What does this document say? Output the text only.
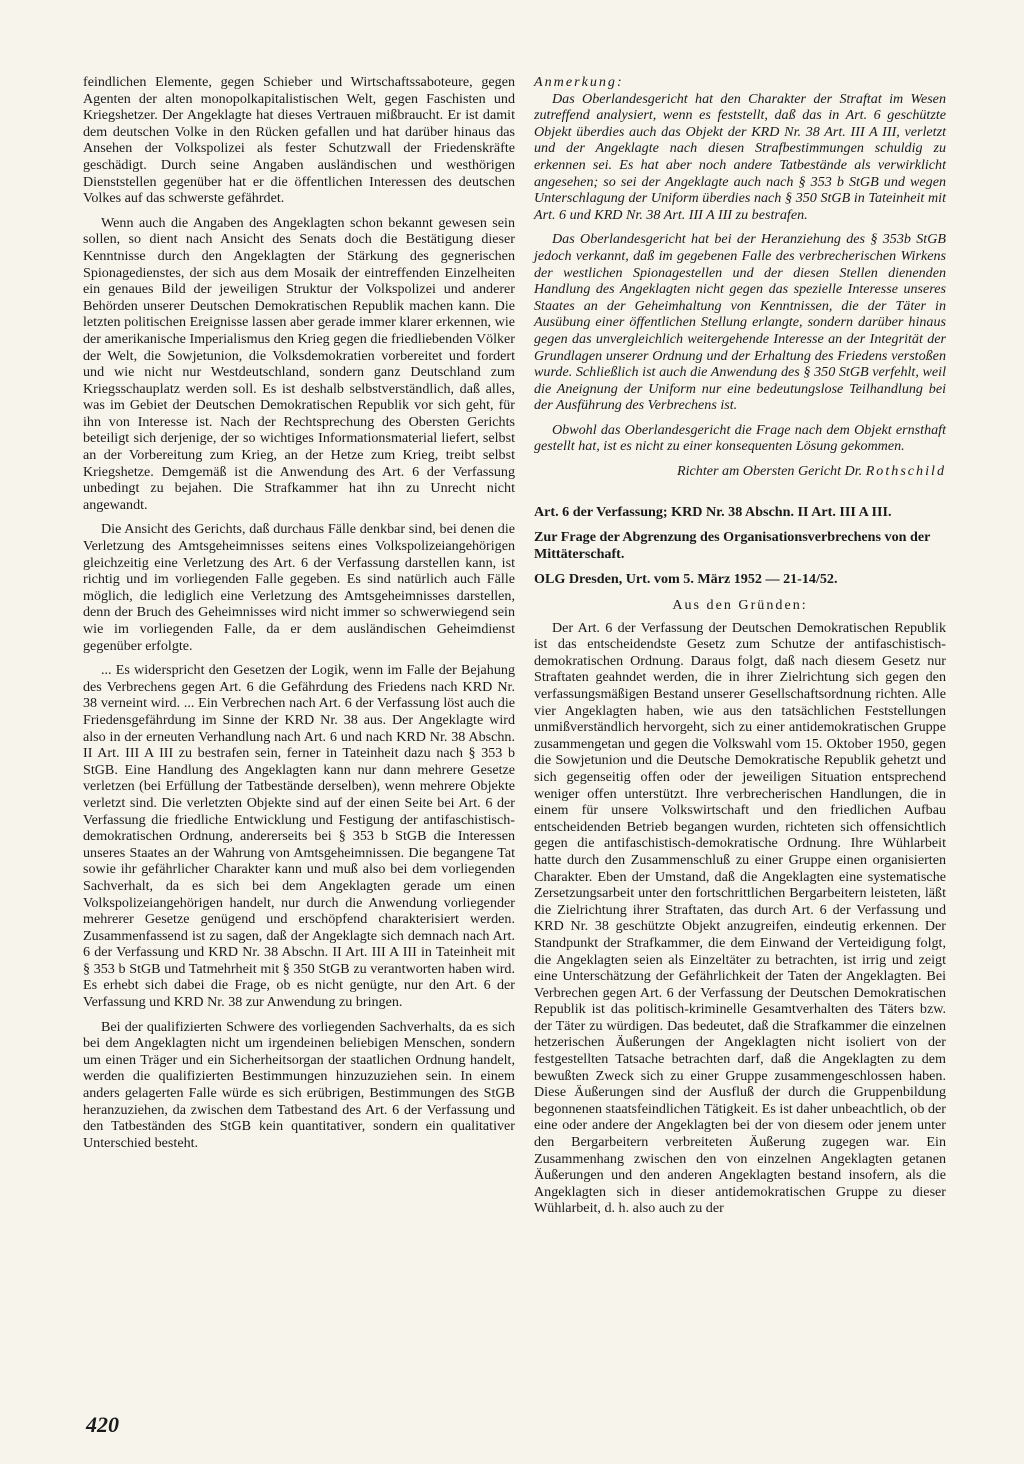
feindlichen Elemente, gegen Schieber und Wirtschaftssaboteure, gegen Agenten der alten monopolkapitalistischen Welt, gegen Faschisten und Kriegshetzer. Der Angeklagte hat dieses Vertrauen mißbraucht. Er ist damit dem deutschen Volke in den Rücken gefallen und hat darüber hinaus das Ansehen der Volkspolizei als fester Schutzwall der Friedenskräfte geschädigt. Durch seine Angaben ausländischen und westhörigen Dienststellen gegenüber hat er die öffentlichen Interessen des deutschen Volkes auf das schwerste gefährdet.

Wenn auch die Angaben des Angeklagten schon bekannt gewesen sein sollen, so dient nach Ansicht des Senats doch die Bestätigung dieser Kenntnisse durch den Angeklagten der Stärkung des gegnerischen Spionagedienstes, der sich aus dem Mosaik der eintreffenden Einzelheiten ein genaues Bild der jeweiligen Struktur der Volkspolizei und anderer Behörden unserer Deutschen Demokratischen Republik machen kann. Die letzten politischen Ereignisse lassen aber gerade immer klarer erkennen, wie der amerikanische Imperialismus den Krieg gegen die friedliebenden Völker der Welt, die Sowjetunion, die Volksdemokratien vorbereitet und fordert und wie nicht nur Westdeutschland, sondern ganz Deutschland zum Kriegsschauplatz werden soll. Es ist deshalb selbstverständlich, daß alles, was im Gebiet der Deutschen Demokratischen Republik vor sich geht, für ihn von Interesse ist. Nach der Rechtsprechung des Obersten Gerichts beteiligt sich derjenige, der so wichtiges Informationsmaterial liefert, selbst an der Vorbereitung zum Krieg, an der Hetze zum Krieg, treibt selbst Kriegshetze. Demgemäß ist die Anwendung des Art. 6 der Verfassung unbedingt zu bejahen. Die Strafkammer hat ihn zu Unrecht nicht angewandt.

Die Ansicht des Gerichts, daß durchaus Fälle denkbar sind, bei denen die Verletzung des Amtsgeheimnisses seitens eines Volkspolizeiangehörigen gleichzeitig eine Verletzung des Art. 6 der Verfassung darstellen kann, ist richtig und im vorliegenden Falle gegeben. Es sind natürlich auch Fälle möglich, die lediglich eine Verletzung des Amtsgeheimnisses darstellen, denn der Bruch des Geheimnisses wird nicht immer so schwerwiegend sein wie im vorliegenden Falle, da er dem ausländischen Geheimdienst gegenüber erfolgte.

... Es widerspricht den Gesetzen der Logik, wenn im Falle der Bejahung des Verbrechens gegen Art. 6 die Gefährdung des Friedens nach KRD Nr. 38 verneint wird. ... Ein Verbrechen nach Art. 6 der Verfassung löst auch die Friedensgefährdung im Sinne der KRD Nr. 38 aus. Der Angeklagte wird also in der erneuten Verhandlung nach Art. 6 und nach KRD Nr. 38 Abschn. II Art. III A III zu bestrafen sein, ferner in Tateinheit dazu nach § 353 b StGB. Eine Handlung des Angeklagten kann nur dann mehrere Gesetze verletzen (bei Erfüllung der Tatbestände derselben), wenn mehrere Objekte verletzt sind. Die verletzten Objekte sind auf der einen Seite bei Art. 6 der Verfassung die friedliche Entwicklung und Festigung der antifaschistisch-demokratischen Ordnung, andererseits bei § 353 b StGB die Interessen unseres Staates an der Wahrung von Amtsgeheimnissen. Die begangene Tat sowie ihr gefährlicher Charakter kann und muß also bei dem vorliegenden Sachverhalt, da es sich bei dem Angeklagten gerade um einen Volkspolizeiangehörigen handelt, nur durch die Anwendung vorliegender mehrerer Gesetze genügend und erschöpfend charakterisiert werden. Zusammenfassend ist zu sagen, daß der Angeklagte sich demnach nach Art. 6 der Verfassung und KRD Nr. 38 Abschn. II Art. III A III in Tateinheit mit § 353 b StGB und Tatmehrheit mit § 350 StGB zu verantworten haben wird. Es erhebt sich dabei die Frage, ob es nicht genügte, nur den Art. 6 der Verfassung und KRD Nr. 38 zur Anwendung zu bringen.

Bei der qualifizierten Schwere des vorliegenden Sachverhalts, da es sich bei dem Angeklagten nicht um irgendeinen beliebigen Menschen, sondern um einen Träger und ein Sicherheitsorgan der staatlichen Ordnung handelt, werden die qualifizierten Bestimmungen hinzuzuziehen sein. In einem anders gelagerten Falle würde es sich erübrigen, Bestimmungen des StGB heranzuziehen, da zwischen dem Tatbestand des Art. 6 der Verfassung und den Tatbeständen des StGB kein quantitativer, sondern ein qualitativer Unterschied besteht.

Anmerkung:

Das Oberlandesgericht hat den Charakter der Straftat im Wesen zutreffend analysiert, wenn es feststellt, daß das in Art. 6 geschützte Objekt überdies auch das Objekt der KRD Nr. 38 Art. III A III, verletzt und der Angeklagte nach diesen Strafbestimmungen schuldig zu erkennen sei. Es hat aber noch andere Tatbestände als verwirklicht angesehen; so sei der Angeklagte auch nach § 353 b StGB und wegen Unterschlagung der Uniform überdies nach § 350 StGB in Tateinheit mit Art. 6 und KRD Nr. 38 Art. III A III zu bestrafen.

Das Oberlandesgericht hat bei der Heranziehung des § 353b StGB jedoch verkannt, daß im gegebenen Falle des verbrecherischen Wirkens der westlichen Spionagestellen und der diesen Stellen dienenden Handlung des Angeklagten nicht gegen das spezielle Interesse unseres Staates an der Geheimhaltung von Kenntnissen, die der Täter in Ausübung einer öffentlichen Stellung erlangte, sondern darüber hinaus gegen das unvergleichlich weitergehende Interesse an der Integrität der Grundlagen unserer Ordnung und der Erhaltung des Friedens verstoßen wurde. Schließlich ist auch die Anwendung des § 350 StGB verfehlt, weil die Aneignung der Uniform nur eine bedeutungslose Teilhandlung bei der Ausführung des Verbrechens ist.

Obwohl das Oberlandesgericht die Frage nach dem Objekt ernsthaft gestellt hat, ist es nicht zu einer konsequenten Lösung gekommen.

Richter am Obersten Gericht Dr. Rothschild

Art. 6 der Verfassung; KRD Nr. 38 Abschn. II Art. III A III.

Zur Frage der Abgrenzung des Organisationsverbrechens von der Mittäterschaft.

OLG Dresden, Urt. vom 5. März 1952 — 21-14/52.

Aus den Gründen:

Der Art. 6 der Verfassung der Deutschen Demokratischen Republik ist das entscheidendste Gesetz zum Schutze der antifaschistisch-demokratischen Ordnung. Daraus folgt, daß nach diesem Gesetz nur Straftaten geahndet werden, die in ihrer Zielrichtung sich gegen den verfassungsmäßigen Bestand unserer Gesellschaftsordnung richten. Alle vier Angeklagten haben, wie aus den tatsächlichen Feststellungen unmißverständlich hervorgeht, sich zu einer antidemokratischen Gruppe zusammengetan und gegen die Volkswahl vom 15. Oktober 1950, gegen die Sowjetunion und die Deutsche Demokratische Republik gehetzt und sich gegenseitig offen oder der jeweiligen Situation entsprechend weniger offen unterstützt. Ihre verbrecherischen Handlungen, die in einem für unsere Volkswirtschaft und den friedlichen Aufbau entscheidenden Betrieb begangen wurden, richteten sich offensichtlich gegen die antifaschistisch-demokratische Ordnung. Ihre Wühlarbeit hatte durch den Zusammenschluß zu einer Gruppe einen organisierten Charakter. Eben der Umstand, daß die Angeklagten eine systematische Zersetzungsarbeit unter den fortschrittlichen Bergarbeitern leisteten, läßt die Zielrichtung ihrer Straftaten, das durch Art. 6 der Verfassung und KRD Nr. 38 geschützte Objekt anzugreifen, eindeutig erkennen. Der Standpunkt der Strafkammer, die dem Einwand der Verteidigung folgt, die Angeklagten seien als Einzeltäter zu betrachten, ist irrig und zeigt eine Unterschätzung der Gefährlichkeit der Taten der Angeklagten. Bei Verbrechen gegen Art. 6 der Verfassung der Deutschen Demokratischen Republik ist das politisch-kriminelle Gesamtverhalten des Täters bzw. der Täter zu würdigen. Das bedeutet, daß die Strafkammer die einzelnen hetzerischen Äußerungen der Angeklagten nicht isoliert von der festgestellten Tatsache betrachten darf, daß die Angeklagten zu dem bewußten Zweck sich zu einer Gruppe zusammengeschlossen haben. Diese Äußerungen sind der Ausfluß der durch die Gruppenbildung begonnenen staatsfeindlichen Tätigkeit. Es ist daher unbeachtlich, ob der eine oder andere der Angeklagten bei der von diesem oder jenem unter den Bergarbeitern verbreiteten Äußerung zugegen war. Ein Zusammenhang zwischen den von einzelnen Angeklagten getanen Äußerungen und den anderen Angeklagten bestand insofern, als die Angeklagten sich in dieser antidemokratischen Gruppe zu dieser Wühlarbeit, d. h. also auch zu der

420
